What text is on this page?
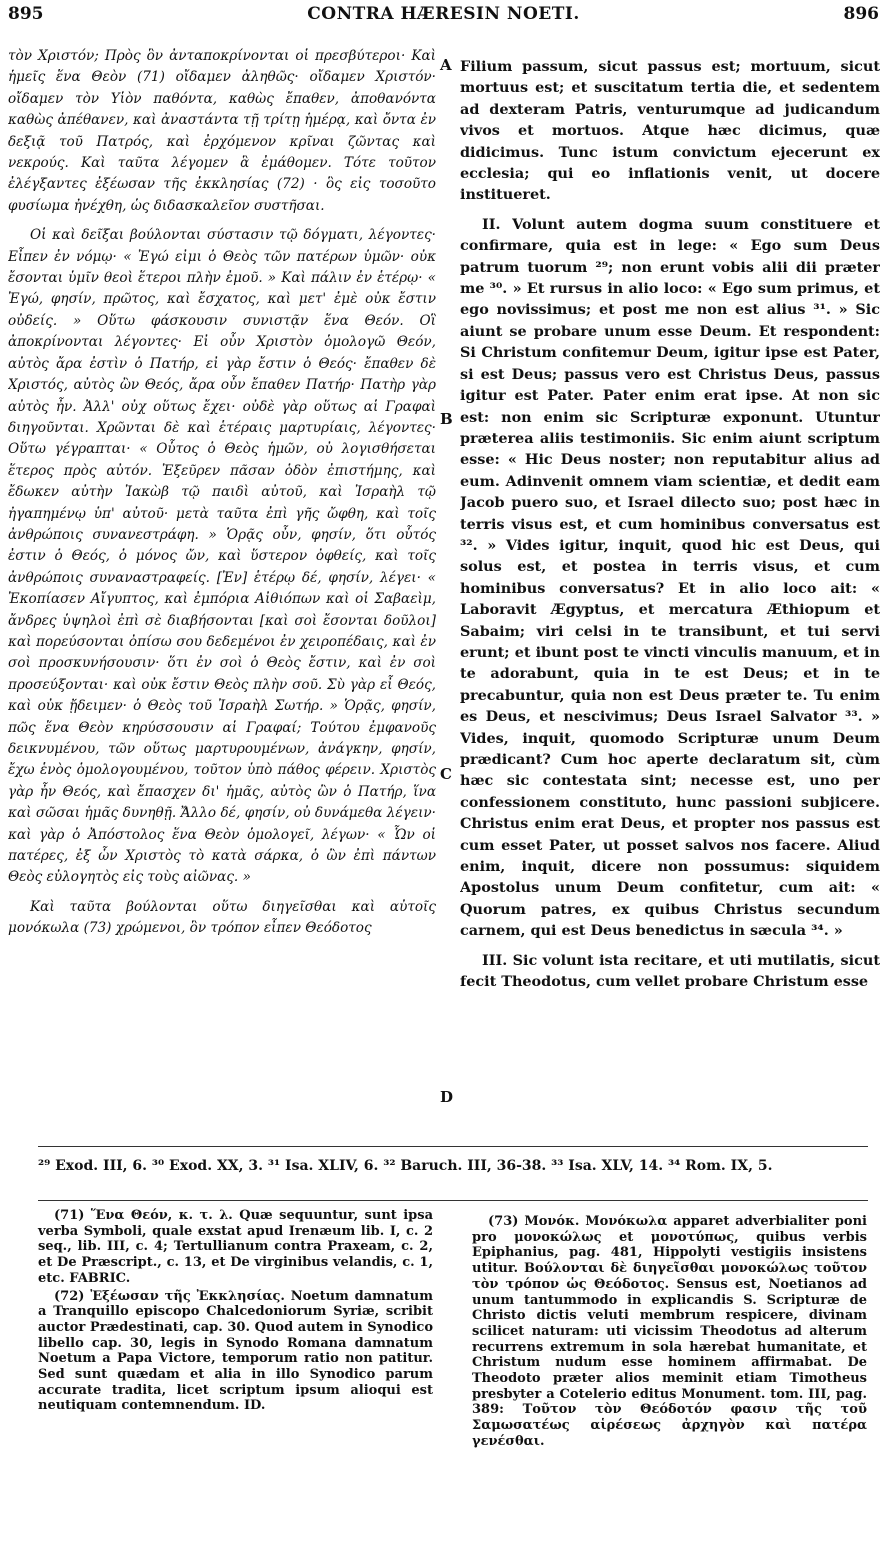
895	CONTRA HÆRESIN NOETI.	896

τὸν Χριστόν; Πρὸς ὃν ἀνταποκρίνονται οἱ πρεσβύτεροι· Καὶ ἡμεῖς ἕνα Θεὸν (71) οἴδαμεν ἀληθῶς· οἴδαμεν Χριστόν· οἴδαμεν τὸν Υἱὸν παθόντα, καθὼς ἔπαθεν, ἀποθανόντα καθὼς ἀπέθανεν, καὶ ἀναστάντα τῇ τρίτῃ ἡμέρᾳ, καὶ ὄντα ἐν δεξιᾷ τοῦ Πατρός, καὶ ἐρχόμενον κρῖναι ζῶντας καὶ νεκρούς. Καὶ ταῦτα λέγομεν ἃ ἐμάθομεν. Τότε τοῦτον ἐλέγξαντες ἐξέωσαν τῆς ἐκκλησίας (72) · ὃς εἰς τοσοῦτο φυσίωμα ἠνέχθη, ὡς διδασκαλεῖον συστῆσαι.

Οἱ καὶ δεῖξαι βούλονται σύστασιν τῷ δόγματι, λέγοντες· Εἶπεν ἐν νόμῳ· « Ἐγώ εἰμι ὁ Θεὸς τῶν πατέρων ὑμῶν· οὐκ ἔσονται ὑμῖν θεοὶ ἕτεροι πλὴν ἐμοῦ. » Καὶ πάλιν ἐν ἑτέρῳ· « Ἐγώ, φησίν, πρῶτος, καὶ ἔσχατος, καὶ μετ' ἐμὲ οὐκ ἔστιν οὐδείς. » Οὕτω φάσκουσιν συνιστᾷν ἕνα Θεόν. Οἳ ἀποκρίνονται λέγοντες· Εἰ οὖν Χριστὸν ὁμολογῶ Θεόν, αὐτὸς ἄρα ἐστὶν ὁ Πατήρ, εἰ γὰρ ἔστιν ὁ Θεός· ἔπαθεν δὲ Χριστός, αὐτὸς ὢν Θεός, ἄρα οὖν ἔπαθεν Πατήρ· Πατὴρ γὰρ αὐτὸς ἦν. Ἀλλ' οὐχ οὕτως ἔχει· οὐδὲ γὰρ οὕτως αἱ Γραφαὶ διηγοῦνται. Χρῶνται δὲ καὶ ἑτέραις μαρτυρίαις, λέγοντες· Οὕτω γέγραπται· « Οὗτος ὁ Θεὸς ἡμῶν, οὐ λογισθήσεται ἕτερος πρὸς αὐτόν. Ἐξεῦρεν πᾶσαν ὁδὸν ἐπιστήμης, καὶ ἔδωκεν αὐτὴν Ἰακὼβ τῷ παιδὶ αὐτοῦ, καὶ Ἰσραὴλ τῷ ἠγαπημένῳ ὑπ' αὐτοῦ· μετὰ ταῦτα ἐπὶ γῆς ὤφθη, καὶ τοῖς ἀνθρώποις συνανεστράφη. » Ὁρᾷς οὖν, φησίν, ὅτι οὗτός ἐστιν ὁ Θεός, ὁ μόνος ὤν, καὶ ὕστερον ὀφθείς, καὶ τοῖς ἀνθρώποις συναναστραφείς. [Ἐν] ἑτέρῳ δέ, φησίν, λέγει· « Ἐκοπίασεν Αἴγυπτος, καὶ ἐμπόρια Αἰθιόπων καὶ οἱ Σαβαεὶμ, ἄνδρες ὑψηλοὶ ἐπὶ σὲ διαβήσονται [καὶ σοὶ ἔσονται δοῦλοι] καὶ πορεύσονται ὀπίσω σου δεδεμένοι ἐν χειροπέδαις, καὶ ἐν σοὶ προσκυνήσουσιν· ὅτι ἐν σοὶ ὁ Θεὸς ἔστιν, καὶ ἐν σοὶ προσεύξονται· καὶ οὐκ ἔστιν Θεὸς πλὴν σοῦ. Σὺ γὰρ εἶ Θεός, καὶ οὐκ ᾔδειμεν· ὁ Θεὸς τοῦ Ἰσραὴλ Σωτήρ. » Ὁρᾷς, φησίν, πῶς ἕνα Θεὸν κηρύσσουσιν αἱ Γραφαί; Τούτου ἐμφανοῦς δεικνυμένου, τῶν οὕτως μαρτυρουμένων, ἀνάγκην, φησίν, ἔχω ἑνὸς ὁμολογουμένου, τοῦτον ὑπὸ πάθος φέρειν. Χριστὸς γὰρ ἦν Θεός, καὶ ἔπασχεν δι' ἡμᾶς, αὐτὸς ὢν ὁ Πατήρ, ἵνα καὶ σῶσαι ἡμᾶς δυνηθῇ. Ἄλλο δέ, φησίν, οὐ δυνάμεθα λέγειν· καὶ γὰρ ὁ Ἀπόστολος ἕνα Θεὸν ὁμολογεῖ, λέγων· « Ὧν οἱ πατέρες, ἐξ ὧν Χριστὸς τὸ κατὰ σάρκα, ὁ ὢν ἐπὶ πάντων Θεὸς εὐλογητὸς εἰς τοὺς αἰῶνας. »

Καὶ ταῦτα βούλονται οὕτω διηγεῖσθαι καὶ αὐτοῖς μονόκωλα (73) χρώμενοι, ὃν τρόπον εἶπεν Θεόδοτος

A
B
C
D

Filium passum, sicut passus est; mortuum, sicut mortuus est; et suscitatum tertia die, et sedentem ad dexteram Patris, venturumque ad judicandum vivos et mortuos. Atque hæc dicimus, quæ didicimus. Tunc istum convictum ejecerunt ex ecclesia; qui eo inflationis venit, ut docere institueret.

II. Volunt autem dogma suum constituere et confirmare, quia est in lege: « Ego sum Deus patrum tuorum ²⁹; non erunt vobis alii dii præter me ³⁰. » Et rursus in alio loco: « Ego sum primus, et ego novissimus; et post me non est alius ³¹. » Sic aiunt se probare unum esse Deum. Et respondent: Si Christum confitemur Deum, igitur ipse est Pater, si est Deus; passus vero est Christus Deus, passus igitur est Pater. Pater enim erat ipse. At non sic est: non enim sic Scripturæ exponunt. Utuntur præterea aliis testimoniis. Sic enim aiunt scriptum esse: « Hic Deus noster; non reputabitur alius ad eum. Adinvenit omnem viam scientiæ, et dedit eam Jacob puero suo, et Israel dilecto suo; post hæc in terris visus est, et cum hominibus conversatus est ³². » Vides igitur, inquit, quod hic est Deus, qui solus est, et postea in terris visus, et cum hominibus conversatus? Et in alio loco ait: « Laboravit Ægyptus, et mercatura Æthiopum et Sabaim; viri celsi in te transibunt, et tui servi erunt; et ibunt post te vincti vinculis manuum, et in te adorabunt, quia in te est Deus; et in te precabuntur, quia non est Deus præter te. Tu enim es Deus, et nescivimus; Deus Israel Salvator ³³. » Vides, inquit, quomodo Scripturæ unum Deum prædicant? Cum hoc aperte declaratum sit, cùm hæc sic contestata sint; necesse est, uno per confessionem constituto, hunc passioni subjicere. Christus enim erat Deus, et propter nos passus est cum esset Pater, ut posset salvos nos facere. Aliud enim, inquit, dicere non possumus: siquidem Apostolus unum Deum confitetur, cum ait: « Quorum patres, ex quibus Christus secundum carnem, qui est Deus benedictus in sæcula ³⁴. »

III. Sic volunt ista recitare, et uti mutilatis, sicut fecit Theodotus, cum vellet probare Christum esse

²⁹ Exod. III, 6. ³⁰ Exod. XX, 3. ³¹ Isa. XLIV, 6. ³² Baruch. III, 36-38. ³³ Isa. XLV, 14. ³⁴ Rom. IX, 5.

(71) Ἕνα Θεόν, κ. τ. λ. Quæ sequuntur, sunt ipsa verba Symboli, quale exstat apud Irenæum lib. I, c. 2 seq., lib. III, c. 4; Tertullianum contra Praxeam, c. 2, et De Præscript., c. 13, et De virginibus velandis, c. 1, etc. FABRIC.

(72) Ἐξέωσαν τῆς Ἐκκλησίας. Noetum damnatum a Tranquillo episcopo Chalcedoniorum Syriæ, scribit auctor Prædestinati, cap. 30. Quod autem in Synodico libello cap. 30, legis in Synodo Romana damnatum Noetum a Papa Victore, temporum ratio non patitur. Sed sunt quædam et alia in illo Synodico parum accurate tradita, licet scriptum ipsum alioqui est neutiquam contemnendum. ID.

(73) Μονόκ. Μονόκωλα apparet adverbialiter poni pro μονοκώλως et μονοτύπως, quibus verbis Epiphanius, pag. 481, Hippolyti vestigiis insistens utitur. Βούλονται δὲ διηγεῖσθαι μονοκώλως τοῦτον τὸν τρόπον ὡς Θεόδοτος. Sensus est, Noetianos ad unum tantummodo in explicandis S. Scripturæ de Christo dictis veluti membrum respicere, divinam scilicet naturam: uti vicissim Theodotus ad alterum recurrens extremum in sola hærebat humanitate, et Christum nudum esse hominem affirmabat. De Theodoto præter alios meminit etiam Timotheus presbyter a Cotelerio editus Monument. tom. III, pag. 389: Τοῦτον τὸν Θεόδοτόν φασιν τῆς τοῦ Σαμωσατέως αἱρέσεως ἀρχηγὸν καὶ πατέρα γενέσθαι.
